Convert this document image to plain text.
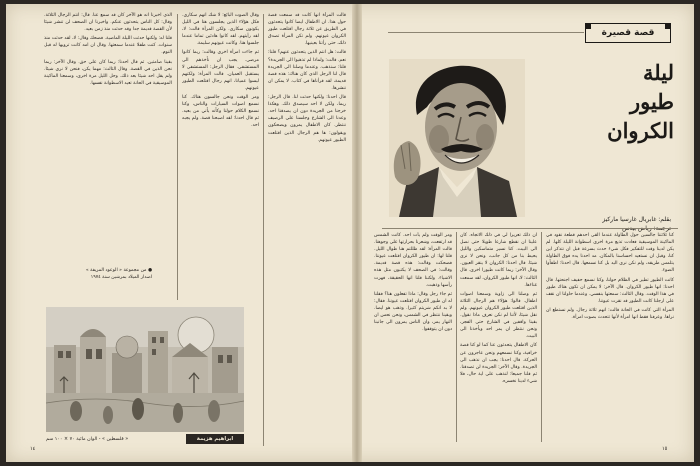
قصة قصيرة
ليلة
طيور
الكروان
بقلم: غابريال غارسيا ماركيز
ترجمة: رياض بيدس

كنا ثلاثتنا جالسين حول الطاولة عندما القى احدهم قطعة نقود في الماكينة الموسيقية فعادت تذيع مرة اخرى اسطوانة الليلة كلها. لم يكن لدينا وقت للتفكير فكل شيء حدث بسرعة قبل ان نتذكر اين كنا، وقبل ان نستعيد احساسنا بالمكان. مد احدنا يده فوق الطاولة يتلمس طريقه، ولم نكن نرى اليد بل كنا نسمعها. قال احدنا: اطفأوا الضوء.

كانت الطيور تطير في الظلام حولنا، وكنا نسمع حفيف اجنحتها. قال احدنا: انها طيور الكروان. قال الآخر: لا يمكن ان تكون هناك طيور في هذا الوقت. وقال الثالث: سمعتها بنفسي. وعندما حاولنا ان نقف على ارجلنا كانت الطيور قد نقرت عيوننا.

المرأة التي كانت في الحانة قالت: انهم ثلاثة رجال. ولم نستطع ان نراها. وعرفنا فقط انها امرأة لأنها تتحدث بصوت امرأة.

ان ذلك تعزيزا لي في ذلك الاتجاه. كان علينا ان نقطع شارعا طويلا حتى نصل الى البيت. كنا نسير متماسكين والليل يحيط بنا من كل جانب، ونحن لا نرى شيئا. قال احدنا: الكروان لا ينقر العيون. وقال الآخر: ربما كانت طيورا اخرى. قال الثالث: لا، انها طيور الكروان، لقد سمعت غناءها.

ثم وصلنا الى زاوية وسمعنا اصوات اطفال. قالوا: هؤلاء هم الرجال الثلاثة الذين اقتلعت طيور الكروان عيونهم. ولم نقل شيئا، لأننا لم نكن نعرف ماذا نقول. بقينا واقفين في الشارع حتى الفجر، ونحن ننتظر ان يمر احد ويأخذنا الى البيت.

كان الاطفال يتحدثون عنا كما لو كنا قصة خرافية، وكنا نسمعهم ونحن عاجزون عن الحركة. قال احدنا: يجب ان نذهب الى الجريدة. وقال الآخر: الجريدة لن تصدقنا. ثم قلنا جميعا: لنذهب على اية حال، فلا شيء لدينا نخسره.

ومر الوقت ولم يأت احد. كانت الشمس قد ارتفعت، وشعرنا بحرارتها على وجوهنا. قالت المرأة: لقد ظللتم هنا طوال الليل. قلنا لها: ان طيور الكروان اقتلعت عيوننا. فضحكت وقالت: هذه قصة قديمة. وقالت: في الصحف لا يكتبون مثل هذه الاشياء. ولكننا قلنا انها الحقيقة، فهزت رأسها وذهبت.

ثم جاء رجل وقال: ماذا تفعلون هنا؟ فقلنا له ان طيور الكروان اقتلعت عيوننا. فقال: لا بد انكم شربتم كثيرا. وذهب هو ايضا. وبقينا ننتظر في الشمس، ونحن نحس ان النهار يمر، وان الناس يمرون الى جانبنا دون ان يتوقفوا.

١٥

قالت المرأة انها كانت قد سمعت قصة حول هذا. ان الاطفال ايضا كانوا يتحدثون في الطريق عن ثلاثة رجال اقتلعت طيور الكروان عيونهم. ولم تكن المرأة تصدق ذلك، حتى رأتنا بعينيها.

قالت: هل انتم الذين يتحدثون عنهم؟ قلنا: نعم. قالت: ولماذا لم تذهبوا الى الجريدة؟ قلنا: سنذهب. وعندما وصلنا الى الجريدة قال لنا الرجل الذي كان هناك: هذه قصة قديمة، لقد قرأناها في كتاب. لا يمكن ان ننشرها.

قال احدنا: ولكنها حدثت لنا. قال الرجل: ربما، ولكن لا احد سيصدق ذلك. وهكذا خرجنا من الجريدة دون ان يصدقنا احد. وعدنا الى الشارع وجلسنا على الرصيف ننتظر. كان الاطفال يمرون ويضحكون ويقولون: ها هم الرجال الذين اقتلعت الطيور عيونهم.

وقال الصوت البائع: لا شك انهم سكارى. فكل هؤلاء الذين يجلسون هنا في الليل يكونون سكارى. ولكن المرأة قالت: لا، لقد رأيتهم. لقد كانوا هادئين تماما عندما جلسوا هنا. وكانت عيونهم سليمة.

ثم جاءت امرأة اخرى وقالت: ربما كانوا مرضى. يجب ان نأخذهم الى المستشفى. فقال الرجل: المستشفى لا يستقبل العميان. قالت المرأة: ولكنهم ليسوا عميانا، انهم رجال اقتلعت الطيور عيونهم.

ومر الوقت ونحن جالسون هناك. كنا نسمع اصوات السيارات والناس، وكنا نسمع الكلام حولنا وكأنه يأتي من بعيد. ثم قال احدنا: لقد اصبحنا قصة. ولم يجبه احد.

الذي اخبرنا انه هو الآخر كان قد سمع عنا. قال: انتم الرجال الثلاثة. وقال: كل الناس يتحدثون عنكم. واخبرنا ان الصحف لن تنشر شيئا لأن القصة قديمة جدا وقد حدثت منذ زمن بعيد.

قلنا له: ولكنها حدثت الليلة الماضية. فضحك وقال: لا، لقد حدثت منذ سنوات. كنت طفلا عندما سمعتها. وقال ان امه كانت ترويها له قبل النوم.

بقينا صامتين. ثم قال احدنا: ربما كان على حق. وقال الآخر: ربما نحن الذين في القصة. وقال الثالث: مهما يكن، فنحن لا نرى شيئا. ولم يقل احد شيئا بعد ذلك. وحل الليل مرة اخرى، وسمعنا الماكينة الموسيقية في الحانة تعيد الاسطوانة نفسها.

● من مجموعة « الوعود المزيفة »
اصدار الميلاد بمرشين سنة ١٩٧٤
ابراهيم هزيمة
« فلسطين » - الوان مائية ٧٠ × ١٠٠ سم
١٤
